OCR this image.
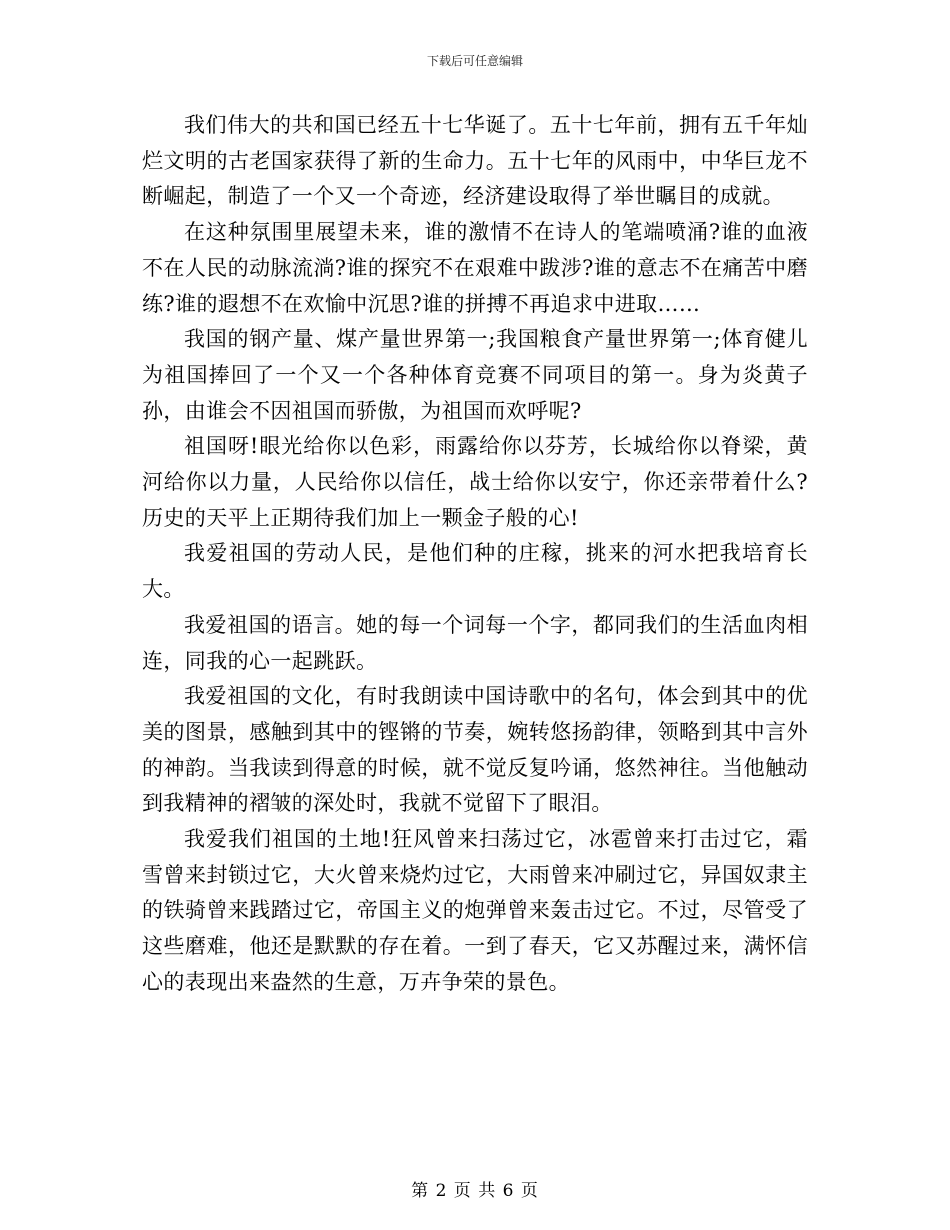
下载后可任意编辑

我们伟大的共和国已经五十七华诞了。五十七年前，拥有五千年灿烂文明的古老国家获得了新的生命力。五十七年的风雨中，中华巨龙不断崛起，制造了一个又一个奇迹，经济建设取得了举世瞩目的成就。

在这种氛围里展望未来，谁的激情不在诗人的笔端喷涌?谁的血液不在人民的动脉流淌?谁的探究不在艰难中跋涉?谁的意志不在痛苦中磨练?谁的遐想不在欢愉中沉思?谁的拼搏不再追求中进取……

我国的钢产量、煤产量世界第一;我国粮食产量世界第一;体育健儿为祖国捧回了一个又一个各种体育竞赛不同项目的第一。身为炎黄子孙，由谁会不因祖国而骄傲，为祖国而欢呼呢?

祖国呀!眼光给你以色彩，雨露给你以芬芳，长城给你以脊梁，黄河给你以力量，人民给你以信任，战士给你以安宁，你还亲带着什么?历史的天平上正期待我们加上一颗金子般的心!

我爱祖国的劳动人民，是他们种的庄稼，挑来的河水把我培育长大。

我爱祖国的语言。她的每一个词每一个字，都同我们的生活血肉相连，同我的心一起跳跃。

我爱祖国的文化，有时我朗读中国诗歌中的名句，体会到其中的优美的图景，感触到其中的铿锵的节奏，婉转悠扬韵律，领略到其中言外的神韵。当我读到得意的时候，就不觉反复吟诵，悠然神往。当他触动到我精神的褶皱的深处时，我就不觉留下了眼泪。

我爱我们祖国的土地!狂风曾来扫荡过它，冰雹曾来打击过它，霜雪曾来封锁过它，大火曾来烧灼过它，大雨曾来冲刷过它，异国奴隶主的铁骑曾来践踏过它，帝国主义的炮弹曾来轰击过它。不过，尽管受了这些磨难，他还是默默的存在着。一到了春天，它又苏醒过来，满怀信心的表现出来盎然的生意，万卉争荣的景色。

第 2 页 共 6 页
